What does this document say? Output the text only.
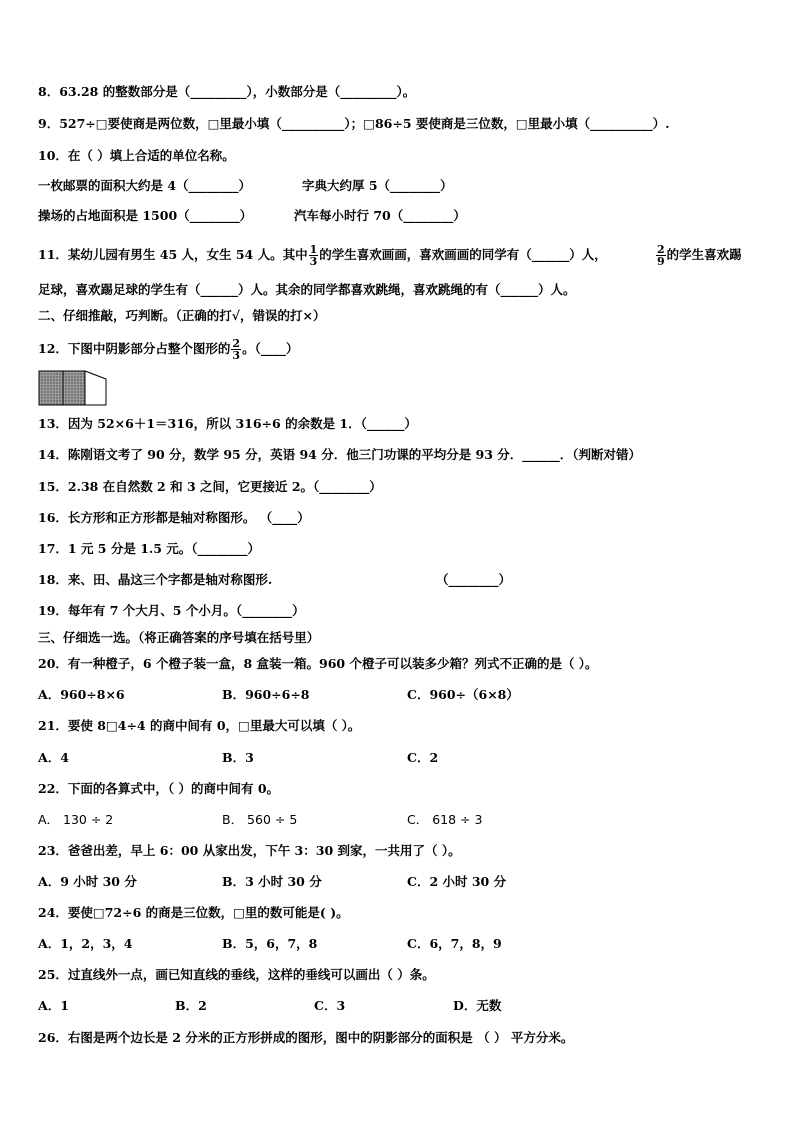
8．63.28 的整数部分是（_________），小数部分是（_________）。
9．527÷□要使商是两位数，□里最小填（__________）；□86÷5 要使商是三位数，□里最小填（__________）.
10．在（ ）填上合适的单位名称。
一枚邮票的面积大约是 4（________）	字典大约厚 5（________）
操场的占地面积是 1500（________）	汽车每小时行 70（________）
11．某幼儿园有男生 45 人，女生 54 人。其中 $\frac{1}{3}$ 的学生喜欢画画，喜欢画画的同学有（______）人，	$\frac{2}{9}$ 的学生喜欢踢
足球，喜欢踢足球的学生有（______）人。其余的同学都喜欢跳绳，喜欢跳绳的有（______）人。
二、仔细推敲，巧判断。（正确的打√，错误的打×）
12．下图中阴影部分占整个图形的 $\frac{2}{3}$ 。（____）
13．因为 52×6＋1＝316，所以 316÷6 的余数是 1．（______）
14．陈刚语文考了 90 分，数学 95 分，英语 94 分．他三门功课的平均分是 93 分．______．（判断对错）
15．2.38 在自然数 2 和 3 之间，它更接近 2。（________）
16．长方形和正方形都是轴对称图形。 （____）
17．1 元 5 分是 1.5 元。（________）
18．来、田、晶这三个字都是轴对称图形.	（________）
19．每年有 7 个大月、5 个小月。（________）
三、仔细选一选。（将正确答案的序号填在括号里）
20．有一种橙子，6 个橙子装一盒，8 盒装一箱。960 个橙子可以装多少箱？列式不正确的是（ ）。
A．960÷8×6	B．960÷6÷8	C．960÷（6×8）
21．要使 8□4÷4 的商中间有 0，□里最大可以填（ ）。
A．4	B．3	C．2
22．下面的各算式中，（ ）的商中间有 0。
A． 130 ÷ 2	B． 560 ÷ 5	C． 618 ÷ 3
23．爸爸出差，早上 6：00 从家出发，下午 3：30 到家，一共用了（ ）。
A．9 小时 30 分	B．3 小时 30 分	C．2 小时 30 分
24．要使□72÷6 的商是三位数，□里的数可能是( )。
A．1，2，3，4	B．5，6，7，8	C．6，7，8，9
25．过直线外一点，画已知直线的垂线，这样的垂线可以画出（ ）条。
A．1	B．2	C．3	D．无数
26．右图是两个边长是 2 分米的正方形拼成的图形，图中的阴影部分的面积是 （ ） 平方分米。
